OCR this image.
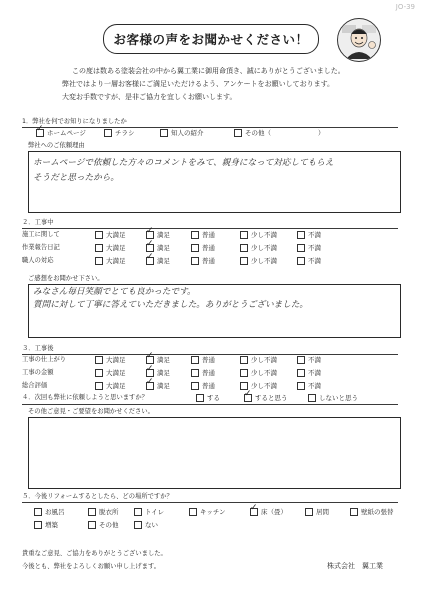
JO-39
お客様の声をお聞かせください！
この度は数ある塗装会社の中から翼工業に御用命頂き、誠にありがとうございました。
弊社ではより一層お客様にご満足いただけるよう、アンケートをお願いしております。
大変お手数ですが、是非ご協力を宜しくお願いします。
1．弊社を何でお知りになりましたか
✓ホームページ	チラシ	知人の紹介	その他（	）
弊社へのご依頼理由
ホームページで依頼した方々のコメントをみて、親身になって対応してもらえ
そうだと思ったから。
２．工事中
施工に関して	大満足 ✓	満足	普通	少し不満	不満
作業報告日記	大満足 ✓	満足	普通	少し不満	不満
職人の対応	大満足 ✓	満足	普通	少し不満	不満
ご感想をお聞かせ下さい。
みなさん毎日笑顔でとても良かったです。
質問に対して丁寧に答えていただきました。ありがとうございました。
３．工事後
工事の仕上がり	大満足 ✓	満足	普通	少し不満	不満
工事の金額	大満足 ✓	満足	普通	少し不満	不満
総合評価	大満足 ✓	満足	普通	少し不満	不満
４．次回も弊社に依頼しようと思いますか？	する ✓	すると思う	しないと思う
その他ご意見・ご要望をお聞かせください。
５．今後リフォームするとしたら、どの場所ですか？
お風呂	脱衣所	トイレ	キッチン ✓	床（畳）	居間	壁紙の張替
増築	その他	ない
貴重なご意見、ご協力をありがとうございました。
今後とも、弊社をよろしくお願い申し上げます。	株式会社　翼工業
